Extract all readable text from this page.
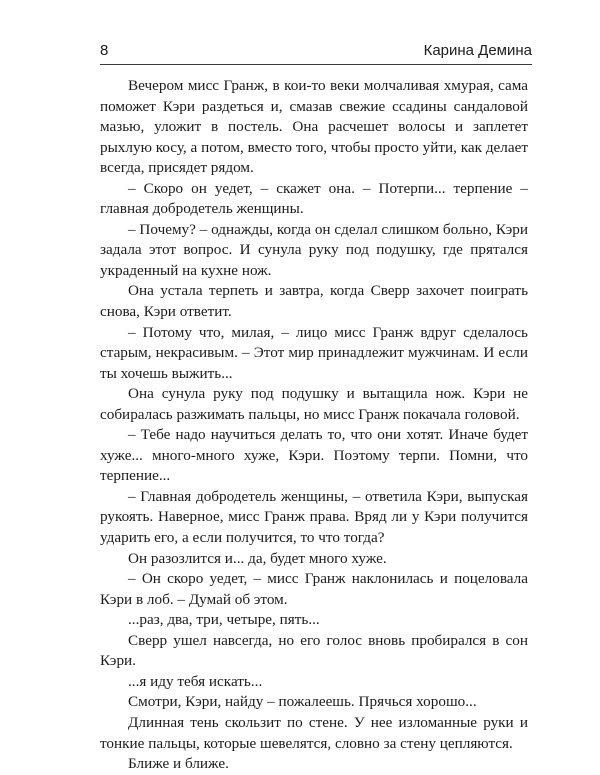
8	Карина Демина

Вечером мисс Гранж, в кои-то веки молчаливая хмурая, сама поможет Кэри раздеться и, смазав свежие ссадины сандаловой мазью, уложит в постель. Она расчешет волосы и заплетет рыхлую косу, а потом, вместо того, чтобы просто уйти, как делает всегда, присядет рядом.

– Скоро он уедет, – скажет она. – Потерпи... терпение – главная добродетель женщины.

– Почему? – однажды, когда он сделал слишком больно, Кэри задала этот вопрос. И сунула руку под подушку, где прятался украденный на кухне нож.

Она устала терпеть и завтра, когда Сверр захочет поиграть снова, Кэри ответит.

– Потому что, милая, – лицо мисс Гранж вдруг сделалось старым, некрасивым. – Этот мир принадлежит мужчинам. И если ты хочешь выжить...

Она сунула руку под подушку и вытащила нож. Кэри не собиралась разжимать пальцы, но мисс Гранж покачала головой.

– Тебе надо научиться делать то, что они хотят. Иначе будет хуже... много-много хуже, Кэри. Поэтому терпи. Помни, что терпение...

– Главная добродетель женщины, – ответила Кэри, выпуская рукоять. Наверное, мисс Гранж права. Вряд ли у Кэри получится ударить его, а если получится, то что тогда?

Он разозлится и... да, будет много хуже.

– Он скоро уедет, – мисс Гранж наклонилась и поцеловала Кэри в лоб. – Думай об этом.

...раз, два, три, четыре, пять...

Сверр ушел навсегда, но его голос вновь пробирался в сон Кэри.

...я иду тебя искать...

Смотри, Кэри, найду – пожалеешь. Прячься хорошо...

Длинная тень скользит по стене. У нее изломанные руки и тонкие пальцы, которые шевелятся, словно за стену цепляются.

Ближе и ближе.
